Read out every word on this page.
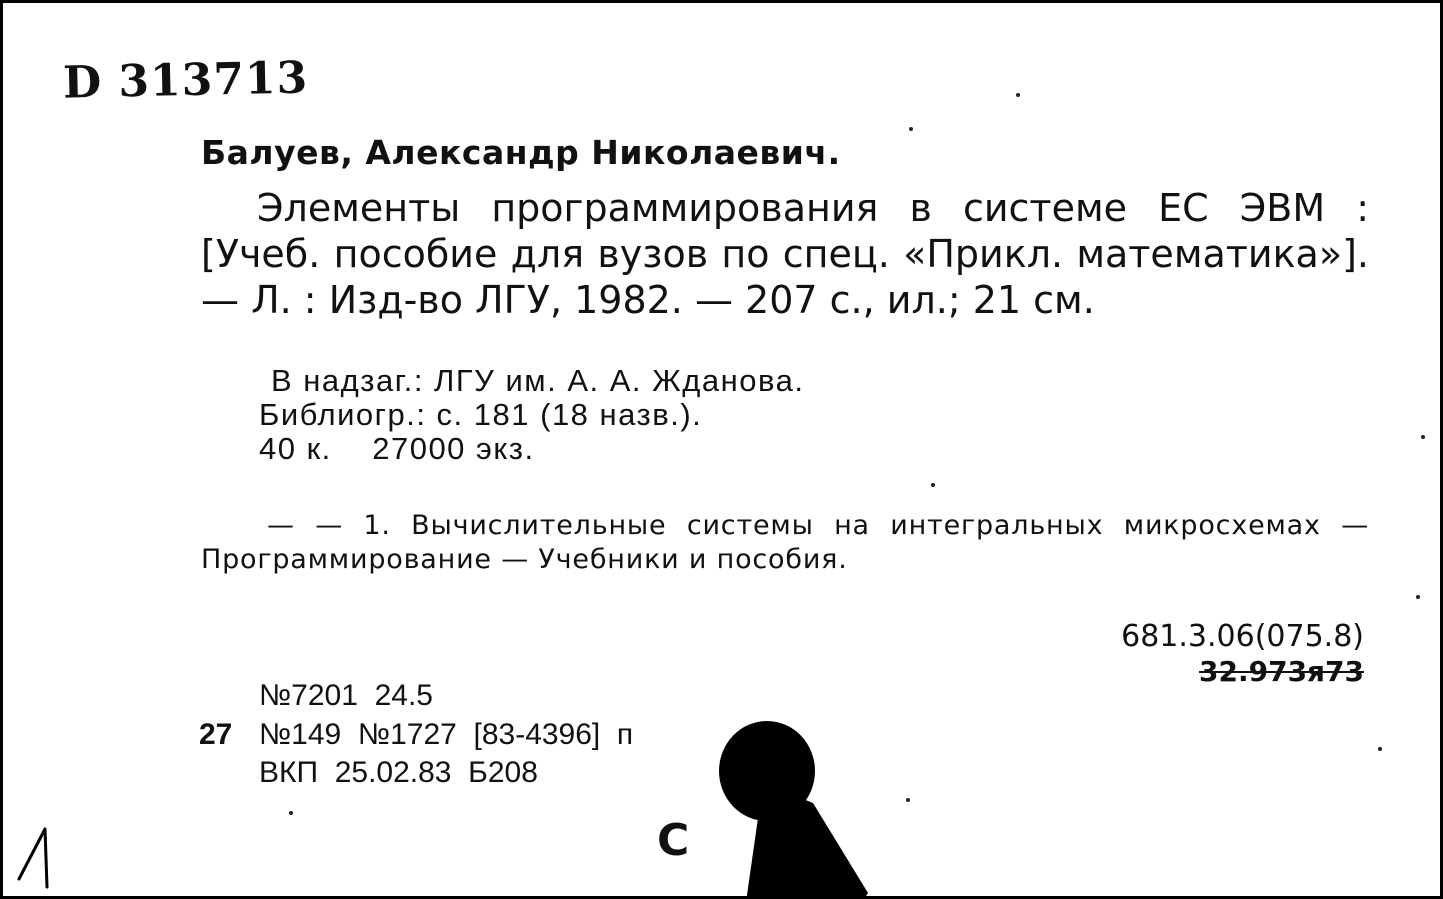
D 313713
Балуев, Александр Николаевич.
Элементы программирования в системе ЕС ЭВМ : [Учеб. пособие для вузов по спец. «Прикл. математика»]. — Л. : Изд-во ЛГУ, 1982. — 207 с., ил.; 21 см.
В надзаг.: ЛГУ им. А. А. Жданова.
Библиогр.: с. 181 (18 назв.).
40 к.    27000 экз.
— — 1. Вычислительные системы на интегральных микросхемах — Программирование — Учебники и пособия.
681.3.06(075.8)
32.973я73
№7201  24.5
27 №149  №1727  [83-4396]  п
ВКП  25.02.83  Б208
С
